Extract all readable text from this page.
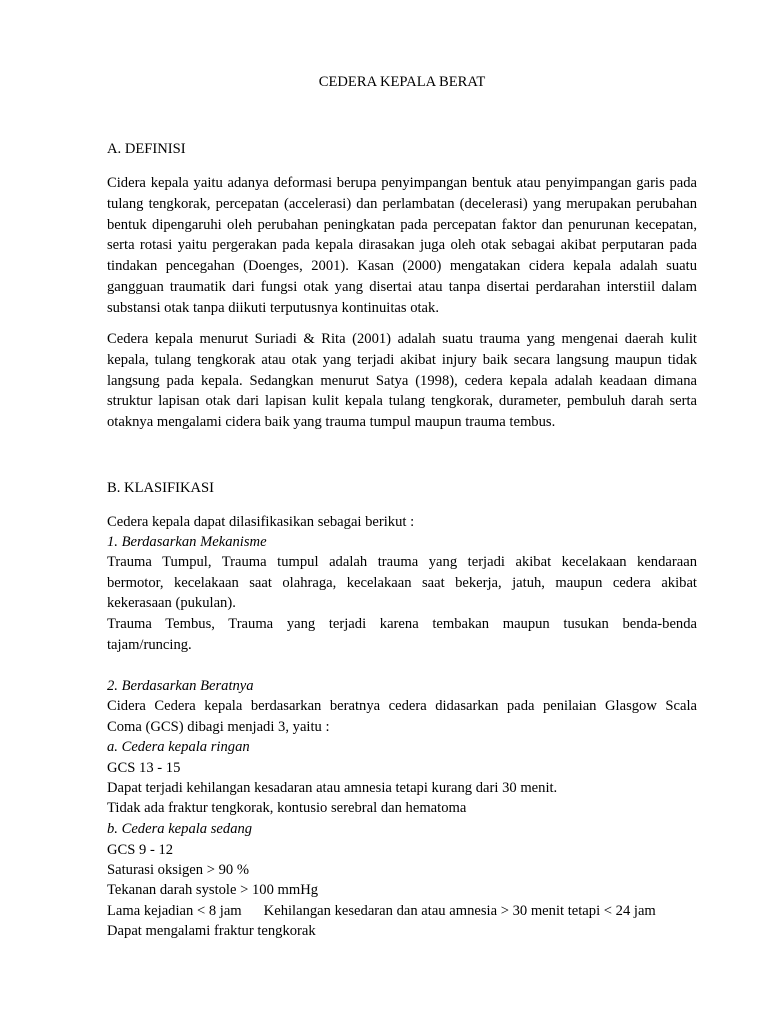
CEDERA KEPALA BERAT
A. DEFINISI
Cidera kepala yaitu adanya deformasi berupa penyimpangan bentuk atau penyimpangan garis pada tulang tengkorak, percepatan (accelerasi) dan perlambatan (decelerasi) yang merupakan perubahan bentuk dipengaruhi oleh perubahan peningkatan pada percepatan faktor dan penurunan kecepatan, serta rotasi yaitu pergerakan pada kepala dirasakan juga oleh otak sebagai akibat perputaran pada tindakan pencegahan (Doenges, 2001). Kasan (2000) mengatakan cidera kepala adalah suatu gangguan traumatik dari fungsi otak yang disertai atau tanpa disertai perdarahan interstiil dalam substansi otak tanpa diikuti terputusnya kontinuitas otak.
Cedera kepala menurut Suriadi & Rita (2001) adalah suatu trauma yang mengenai daerah kulit kepala, tulang tengkorak atau otak yang terjadi akibat injury baik secara langsung maupun tidak langsung pada kepala. Sedangkan menurut Satya (1998), cedera kepala adalah keadaan dimana struktur lapisan otak dari lapisan kulit kepala tulang tengkorak, durameter, pembuluh darah serta otaknya mengalami cidera baik yang trauma tumpul maupun trauma tembus.
B. KLASIFIKASI
Cedera kepala dapat dilasifikasikan sebagai berikut :
1. Berdasarkan Mekanisme
Trauma Tumpul, Trauma tumpul adalah trauma yang terjadi akibat kecelakaan kendaraan
bermotor, kecelakaan saat olahraga, kecelakaan saat bekerja, jatuh, maupun cedera akibat
kekerasaan (pukulan).
Trauma Tembus, Trauma yang terjadi karena tembakan maupun tusukan benda-benda
tajam/runcing.
2. Berdasarkan Beratnya
Cidera Cedera kepala berdasarkan beratnya cedera didasarkan pada penilaian Glasgow Scala
Coma (GCS) dibagi menjadi 3, yaitu :
a. Cedera kepala ringan
GCS 13 - 15
Dapat terjadi kehilangan kesadaran atau amnesia tetapi kurang dari 30 menit.
Tidak ada fraktur tengkorak, kontusio serebral dan hematoma
b. Cedera kepala sedang
GCS 9 - 12
Saturasi oksigen > 90 %
Tekanan darah systole > 100 mmHg
Lama kejadian < 8 jam Kehilangan kesedaran dan atau amnesia > 30 menit tetapi < 24 jam
Dapat mengalami fraktur tengkorak
